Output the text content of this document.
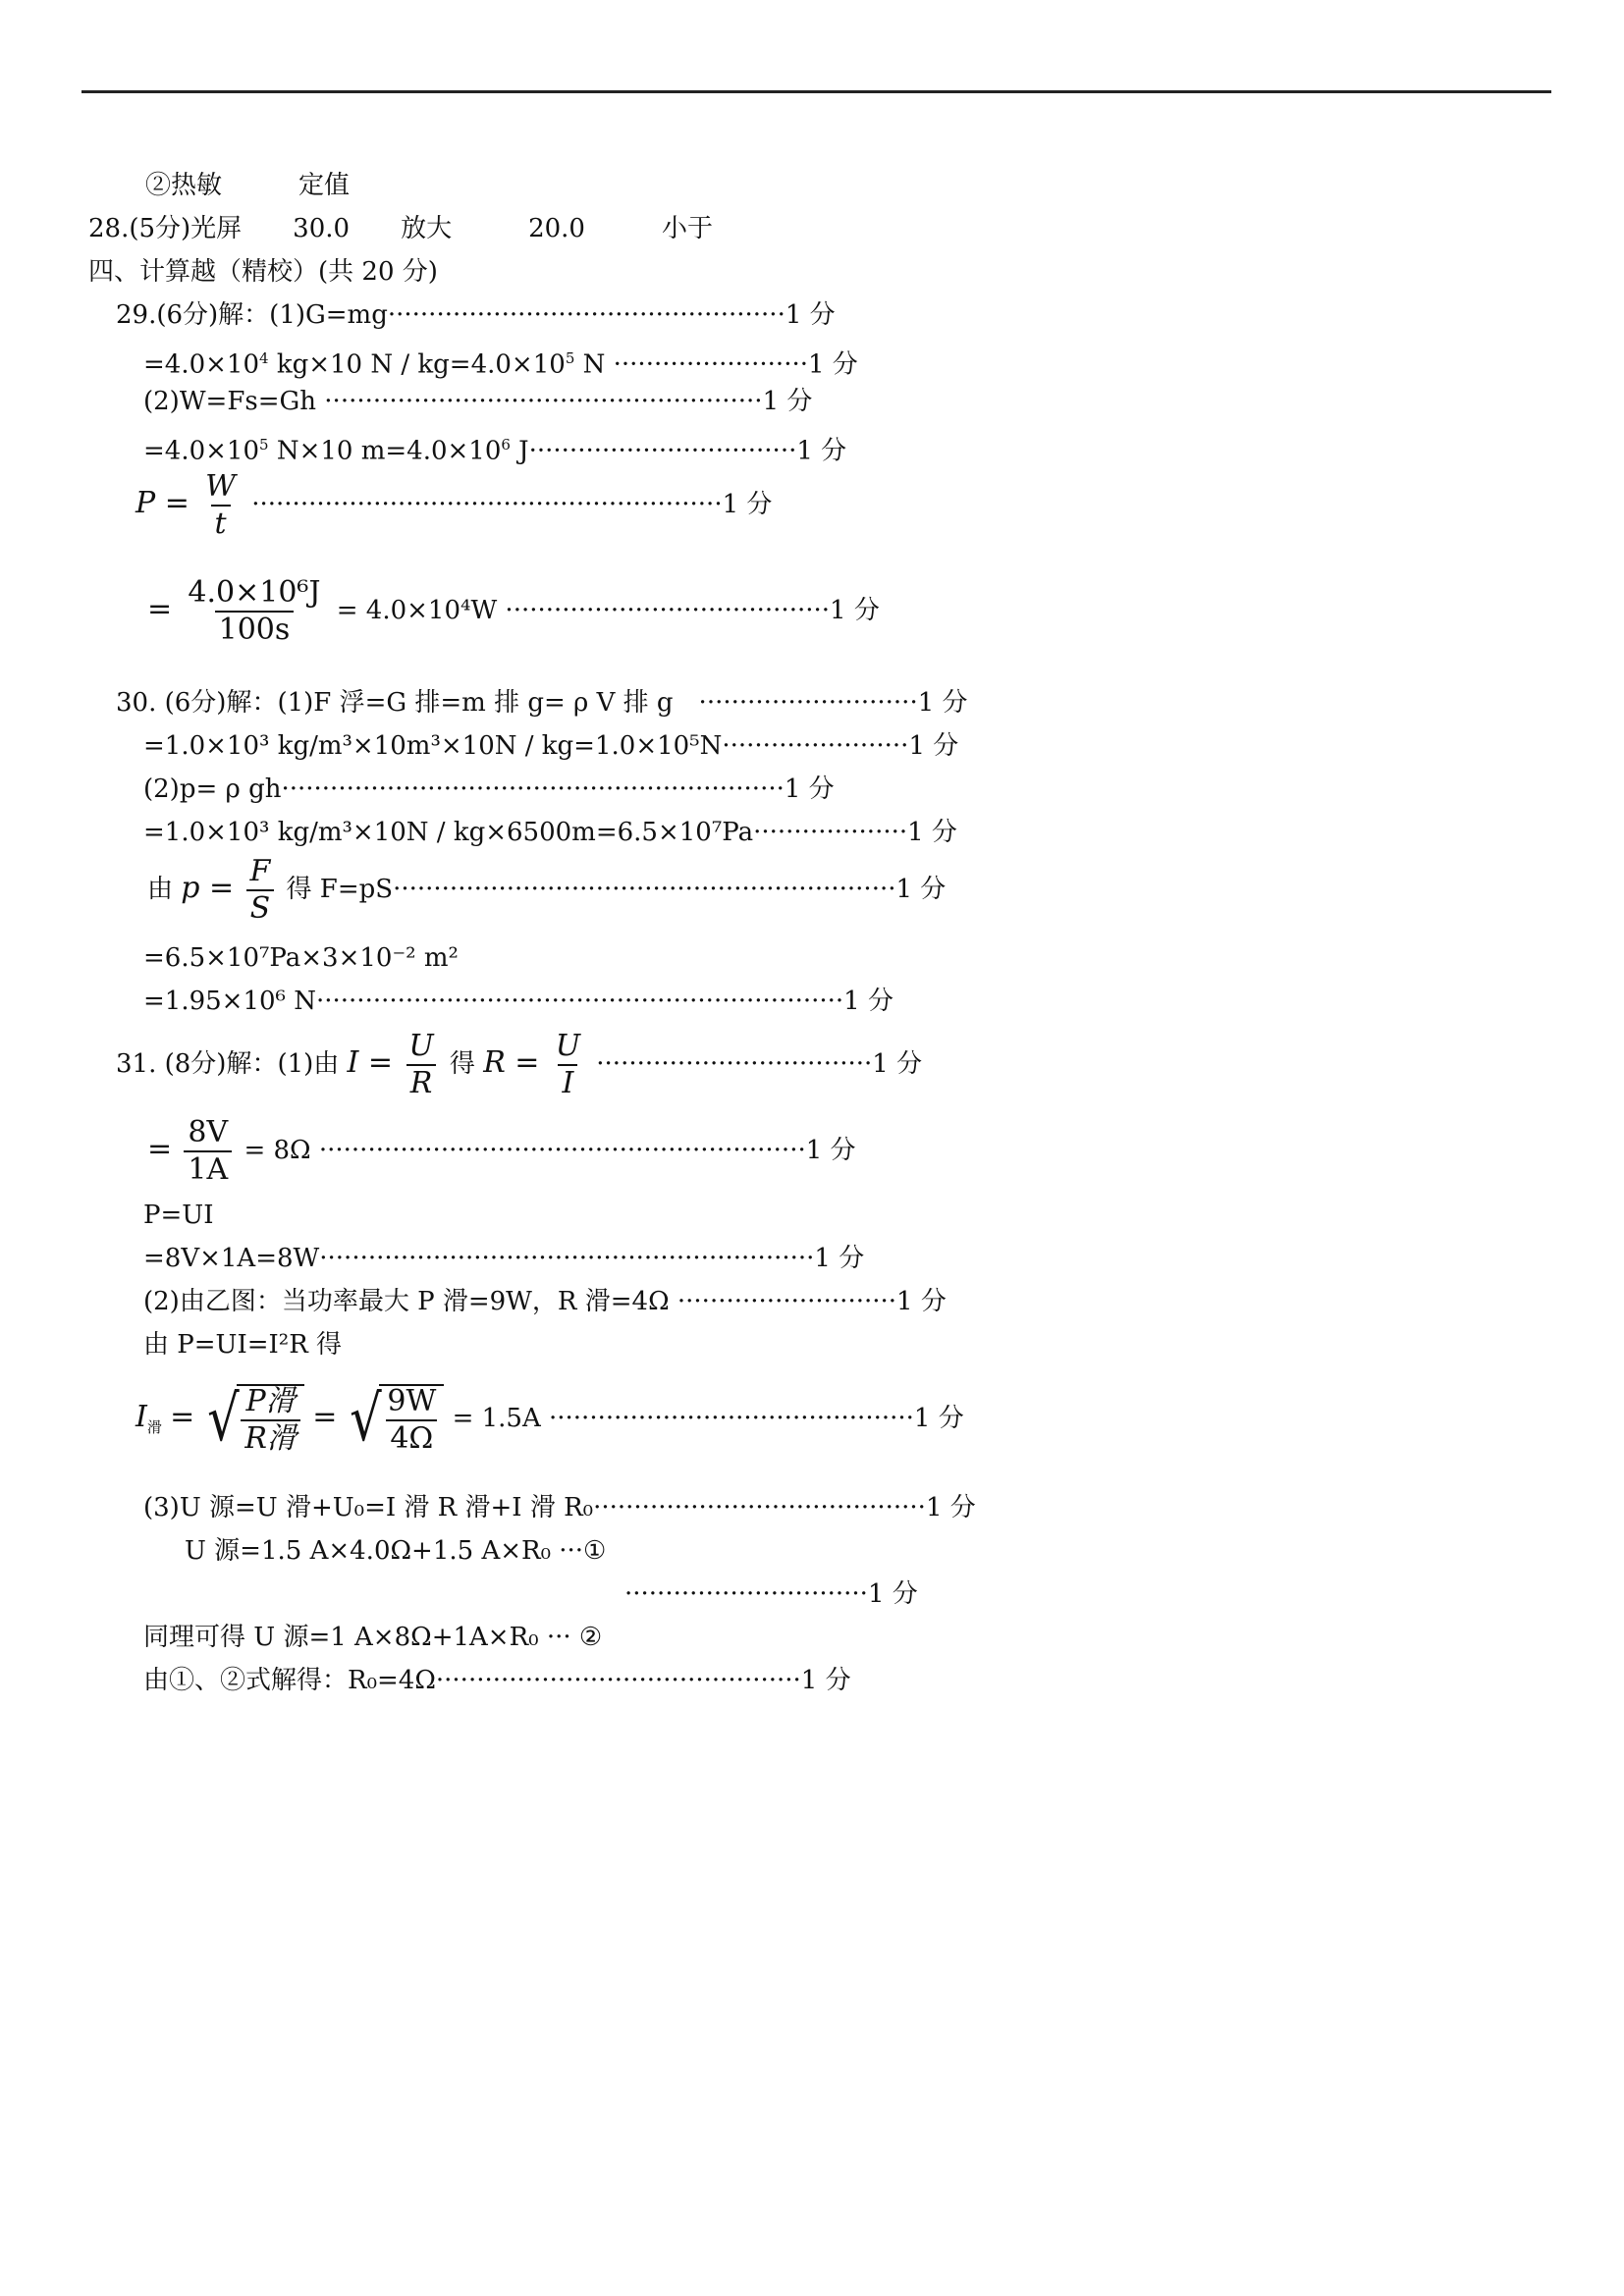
②热敏　　　定值
28.(5分)光屏　　30.0　　放大　　　20.0　　　小于
四、计算越（精校）(共 20 分)
29.(6分)解：(1)G=mg·················································1 分
$=4.0\times 10^4$ kg×10 $N / kg=4.0\times 10^5$ N ························1 分
(2)W=Fs=Gh ······················································1 分
$=4.0\times 10^5$ N×10 $m=4.0\times 10^6$ J·································1 分
$P = \frac{W}{t} \cdot\cdot\cdot\cdot\cdot\cdot\cdot\cdot\cdot\cdot\cdot\cdot\cdot\cdot\cdot\cdot\cdot\cdot\cdot\cdot\cdot\cdot\cdot\cdot\cdot\cdot\cdot\cdot\cdot\cdot\cdot\cdot\cdot\cdot\cdot\cdot\cdot\cdot\cdot\cdot\cdot\cdot\cdot\cdot\cdot\cdot\cdot\cdot\cdot\cdot\cdot\cdot\cdot\cdot\cdot\cdot\cdot\cdot 1$ 分
= $\frac{\text{4.0×10⁶J}}{100s} = 4.0\times 10^4W \cdot\cdot\cdot\cdot\cdot\cdot\cdot\cdot\cdot\cdot\cdot\cdot\cdot\cdot\cdot\cdot\cdot\cdot\cdot\cdot\cdot\cdot\cdot\cdot\cdot\cdot\cdot\cdot\cdot\cdot\cdot\cdot\cdot\cdot\cdot\cdot\cdot\cdot\cdot\cdot 1$ 分
30. (6分)解：(1)F 浮=G 排=m 排 g= ρ V 排 g　···························1 分
=1.0×10³ kg/m³×10m³×10N / kg=1.0×10⁵N·······················1 分
(2)p= ρ gh······························································1 分
=1.0×10³ kg/m³×10N / kg×6500m=6.5×10⁷Pa···················1 分
由 $p = \frac{F}{S}$ 得 F=pS······························································1 分
=6.5×10⁷Pa×3×10⁻² m²
=1.95×10⁶ N·································································1 分
31. (8分)解：(1)由 $I = \frac{U}{R}$ 得 $R = \frac{U}{I} \cdot\cdot\cdot\cdot\cdot\cdot\cdot\cdot\cdot\cdot\cdot\cdot\cdot\cdot\cdot\cdot\cdot\cdot\cdot\cdot\cdot\cdot\cdot\cdot\cdot\cdot\cdot\cdot\cdot\cdot\cdot\cdot\cdot\cdot 1$ 分
= $\frac{8V}{1A} = 8\Omega \cdot\cdot\cdot\cdot\cdot\cdot\cdot\cdot\cdot\cdot\cdot\cdot\cdot\cdot\cdot\cdot\cdot\cdot\cdot\cdot\cdot\cdot\cdot\cdot\cdot\cdot\cdot\cdot\cdot\cdot\cdot\cdot\cdot\cdot\cdot\cdot\cdot\cdot\cdot\cdot\cdot\cdot\cdot\cdot\cdot\cdot\cdot\cdot\cdot\cdot\cdot\cdot\cdot\cdot\cdot\cdot\cdot\cdot\cdot\cdot 1$ 分
P=UI
=8V×1A=8W·····························································1 分
(2)由乙图：当功率最大 P 滑=9W，R 滑=4Ω ···························1 分
由 P=UI=I²R 得
$I_滑$ = √ P滑
R滑
= √ $\frac{9W}{4\Omega} = 1.5A \cdot\cdot\cdot\cdot\cdot\cdot\cdot\cdot\cdot\cdot\cdot\cdot\cdot\cdot\cdot\cdot\cdot\cdot\cdot\cdot\cdot\cdot\cdot\cdot\cdot\cdot\cdot\cdot\cdot\cdot\cdot\cdot\cdot\cdot\cdot\cdot\cdot\cdot\cdot\cdot\cdot\cdot\cdot\cdot\cdot 1$ 分
(3)U 源=U 滑+U₀=I 滑 R 滑+I 滑 R₀·········································1 分
U 源=1.5 A×4.0Ω+1.5 A×R₀ ···①
······························1 分
同理可得 U 源=1 A×8Ω+1A×R₀ ··· ②
由①、②式解得：R₀=4Ω·············································1 分
